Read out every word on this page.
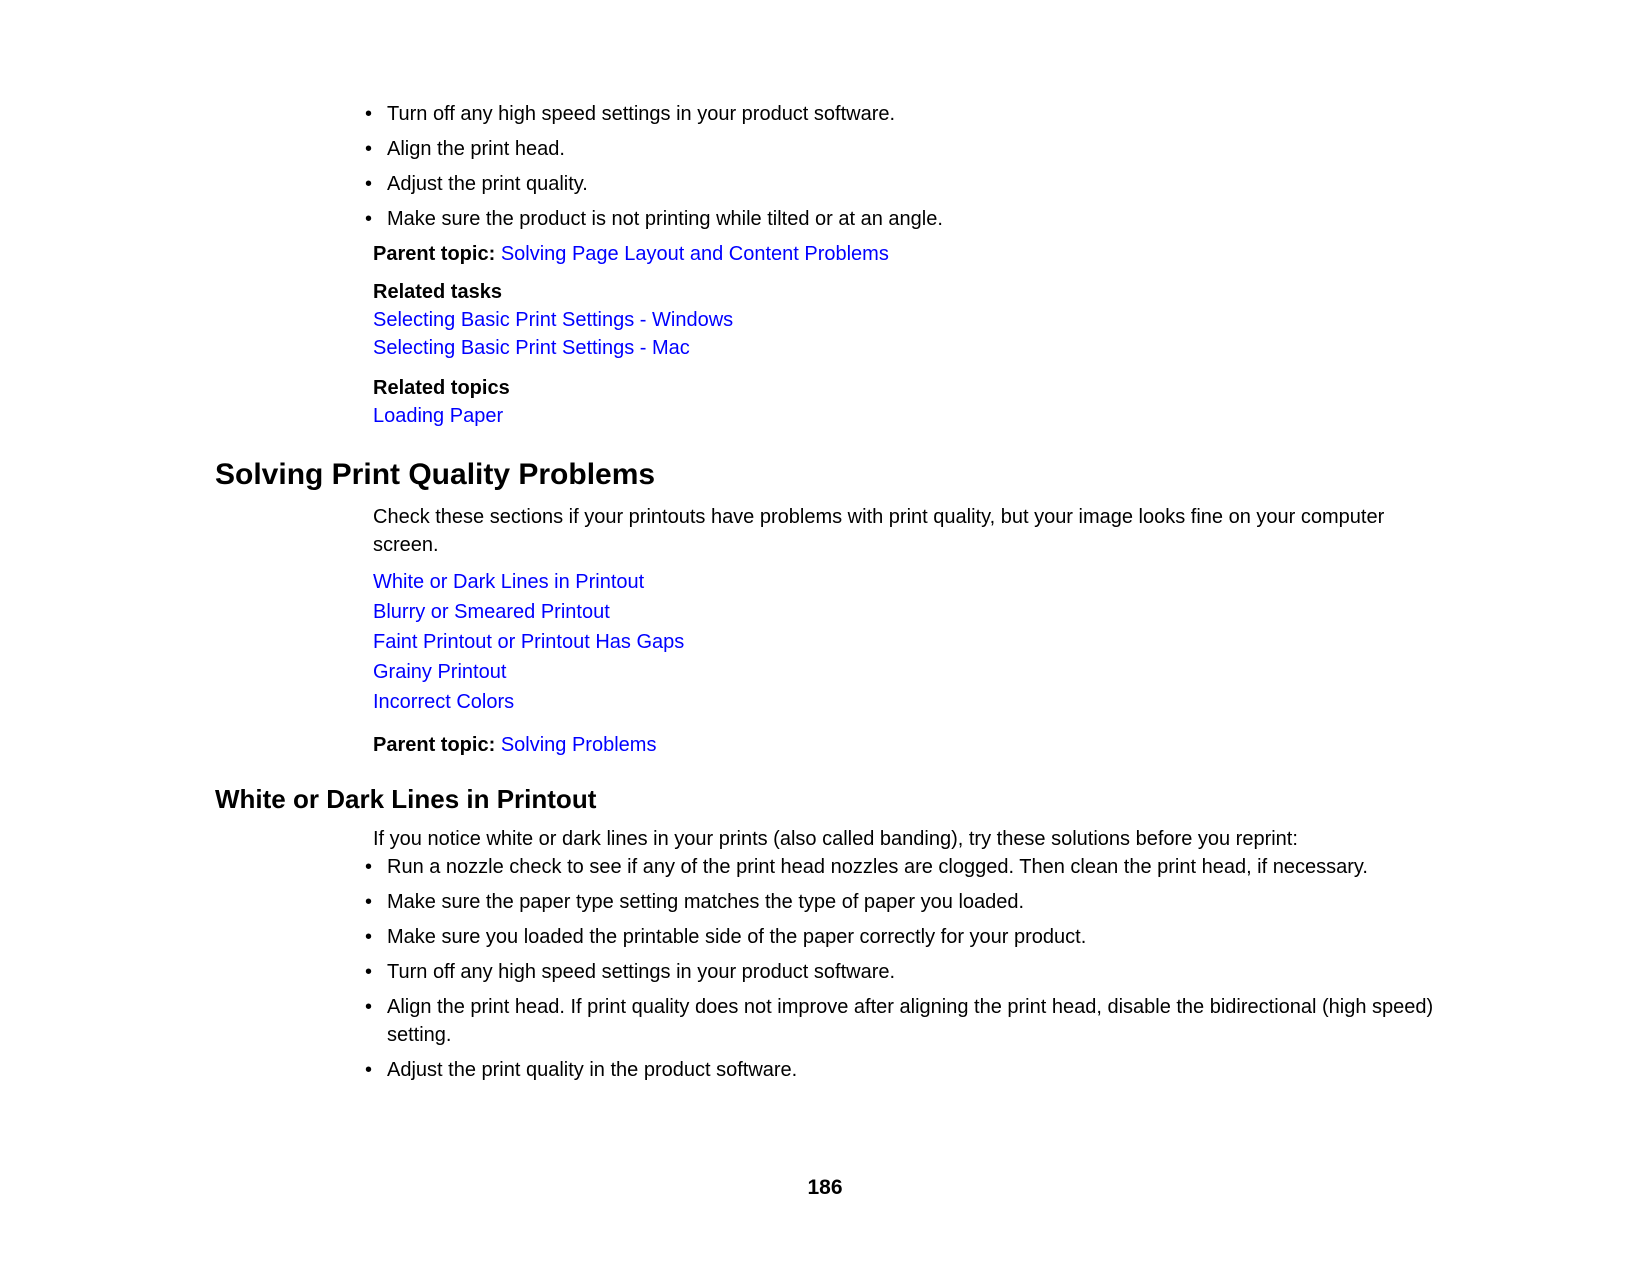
• Turn off any high speed settings in your product software.
• Align the print head.
• Adjust the print quality.
• Make sure the product is not printing while tilted or at an angle.

Parent topic: Solving Page Layout and Content Problems

Related tasks

Selecting Basic Print Settings - Windows
Selecting Basic Print Settings - Mac

Related topics

Loading Paper
Solving Print Quality Problems

Check these sections if your printouts have problems with print quality, but your image looks fine on your computer screen.

White or Dark Lines in Printout
Blurry or Smeared Printout
Faint Printout or Printout Has Gaps
Grainy Printout
Incorrect Colors

Parent topic: Solving Problems

White or Dark Lines in Printout

If you notice white or dark lines in your prints (also called banding), try these solutions before you reprint:

• Run a nozzle check to see if any of the print head nozzles are clogged. Then clean the print head, if necessary.
• Make sure the paper type setting matches the type of paper you loaded.
• Make sure you loaded the printable side of the paper correctly for your product.
• Turn off any high speed settings in your product software.
• Align the print head. If print quality does not improve after aligning the print head, disable the bidirectional (high speed) setting.
• Adjust the print quality in the product software.
186
